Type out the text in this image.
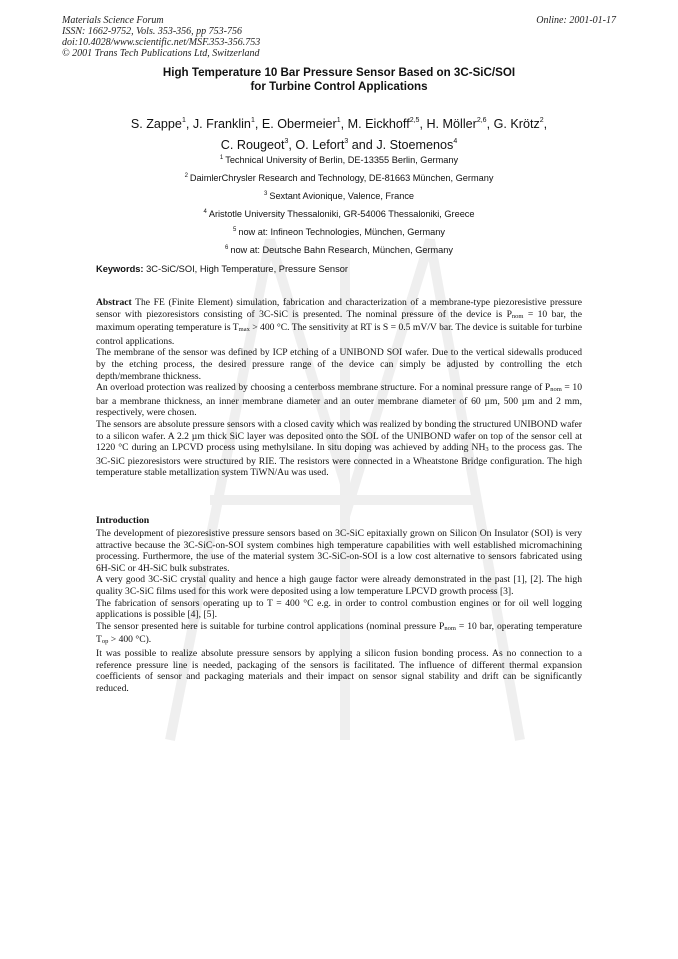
Materials Science Forum
ISSN: 1662-9752, Vols. 353-356, pp 753-756
doi:10.4028/www.scientific.net/MSF.353-356.753
© 2001 Trans Tech Publications Ltd, Switzerland
Online: 2001-01-17
High Temperature 10 Bar Pressure Sensor Based on 3C-SiC/SOI
for Turbine Control Applications
S. Zappe$^1$, J. Franklin$^1$, E. Obermeier$^1$, M. Eickhoff$^{2,5}$, H. Möller$^{2,6}$, G. Krötz$^2$,
C. Rougeot$^3$, O. Lefort$^3$ and J. Stoemenos$^4$
$^1$ Technical University of Berlin, DE-13355 Berlin, Germany
$^2$ DaimlerChrysler Research and Technology, DE-81663 München, Germany
$^3$ Sextant Avionique, Valence, France
$^4$ Aristotle University Thessaloniki, GR-54006 Thessaloniki, Greece
$^5$ now at: Infineon Technologies, München, Germany
$^6$ now at: Deutsche Bahn Research, München, Germany
Keywords: 3C-SiC/SOI, High Temperature, Pressure Sensor

Abstract The FE (Finite Element) simulation, fabrication and characterization of a membrane-type piezoresistive pressure sensor with piezoresistors consisting of 3C-SiC is presented. The nominal pressure of the device is $P_{nom} = 10$ bar, the maximum operating temperature is $T_{max} > 400$ °C. The sensitivity at RT is S = 0.5 mV/V bar. The device is suitable for turbine control applications.

The membrane of the sensor was defined by ICP etching of a UNIBOND SOI wafer. Due to the vertical sidewalls produced by the etching process, the desired pressure range of the device can simply be adjusted by controlling the etch depth/membrane thickness.

An overload protection was realized by choosing a centerboss membrane structure. For a nominal pressure range of $P_{nom} = 10$ bar a membrane thickness, an inner membrane diameter and an outer membrane diameter of 60 µm, 500 µm and 2 mm, respectively, were chosen.

The sensors are absolute pressure sensors with a closed cavity which was realized by bonding the structured UNIBOND wafer to a silicon wafer. A 2.2 µm thick SiC layer was deposited onto the SOL of the UNIBOND wafer on top of the sensor cell at 1220 °C during an LPCVD process using methylsilane. In situ doping was achieved by adding $NH_3$ to the process gas. The 3C-SiC piezoresistors were structured by RIE. The resistors were connected in a Wheatstone Bridge configuration. The high temperature stable metallization system TiWN/Au was used.

Introduction

The development of piezoresistive pressure sensors based on 3C-SiC epitaxially grown on Silicon On Insulator (SOI) is very attractive because the 3C-SiC-on-SOI system combines high temperature capabilities with well established micromachining processing. Furthermore, the use of the material system 3C-SiC-on-SOI is a low cost alternative to sensors fabricated using 6H-SiC or 4H-SiC bulk substrates.

A very good 3C-SiC crystal quality and hence a high gauge factor were already demonstrated in the past [1], [2]. The high quality 3C-SiC films used for this work were deposited using a low temperature LPCVD growth process [3].

The fabrication of sensors operating up to T = 400 °C e.g. in order to control combustion engines or for oil well logging applications is possible [4], [5].

The sensor presented here is suitable for turbine control applications (nominal pressure $P_{nom} = 10$ bar, operating temperature $T_{op} > 400$ °C).

It was possible to realize absolute pressure sensors by applying a silicon fusion bonding process. As no connection to a reference pressure line is needed, packaging of the sensors is facilitated. The influence of different thermal expansion coefficients of sensor and packaging materials and their impact on sensor signal stability and drift can be significantly reduced.
